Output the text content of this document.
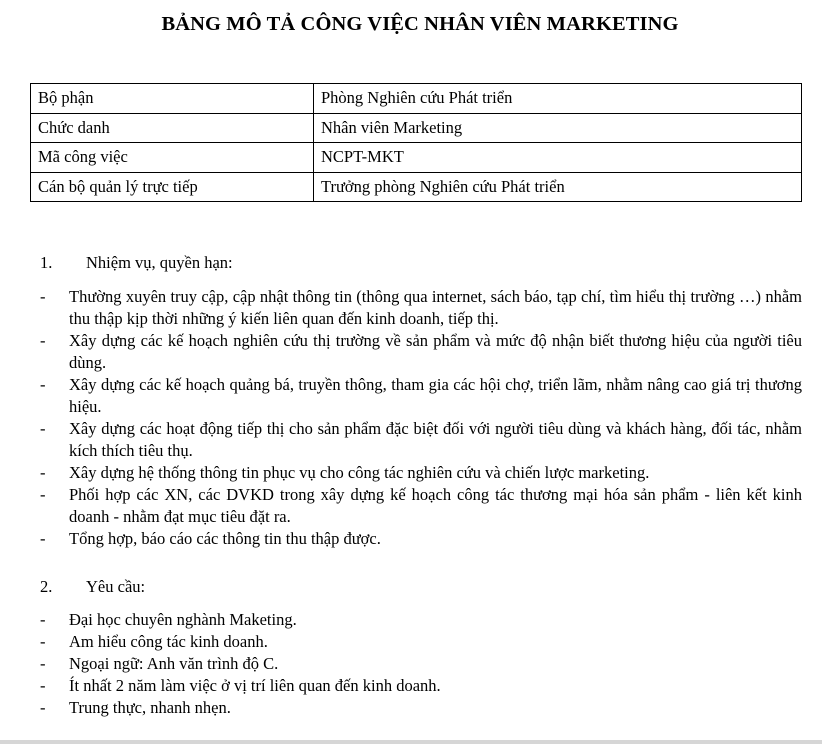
BẢNG MÔ TẢ CÔNG VIỆC NHÂN VIÊN MARKETING
Bộ phận	Phòng Nghiên cứu Phát triển
Chức danh	Nhân viên Marketing
Mã công việc	NCPT-MKT
Cán bộ quản lý trực tiếp	Trưởng phòng Nghiên cứu Phát triển

1. Nhiệm vụ, quyền hạn:

- Thường xuyên truy cập, cập nhật thông tin (thông qua internet, sách báo, tạp chí, tìm hiểu thị trường …) nhằm thu thập kịp thời những ý kiến liên quan đến kinh doanh, tiếp thị.
- Xây dựng các kế hoạch nghiên cứu thị trường về sản phẩm và mức độ nhận biết thương hiệu của người tiêu dùng.
- Xây dựng các kế hoạch quảng bá, truyền thông, tham gia các hội chợ, triển lãm, nhằm nâng cao giá trị thương hiệu.
- Xây dựng các hoạt động tiếp thị cho sản phẩm đặc biệt đối với người tiêu dùng và khách hàng, đối tác, nhằm kích thích tiêu thụ.
- Xây dựng hệ thống thông tin phục vụ cho công tác nghiên cứu và chiến lược marketing.
- Phối hợp các XN, các DVKD trong xây dựng kế hoạch công tác thương mại hóa sản phẩm - liên kết kinh doanh - nhằm đạt mục tiêu đặt ra.
- Tổng hợp, báo cáo các thông tin thu thập được.

2. Yêu cầu:

- Đại học chuyên nghành Maketing.
- Am hiểu công tác kinh doanh.
- Ngoại ngữ: Anh văn trình độ C.
- Ít nhất 2 năm làm việc ở vị trí liên quan đến kinh doanh.
- Trung thực, nhanh nhẹn.
